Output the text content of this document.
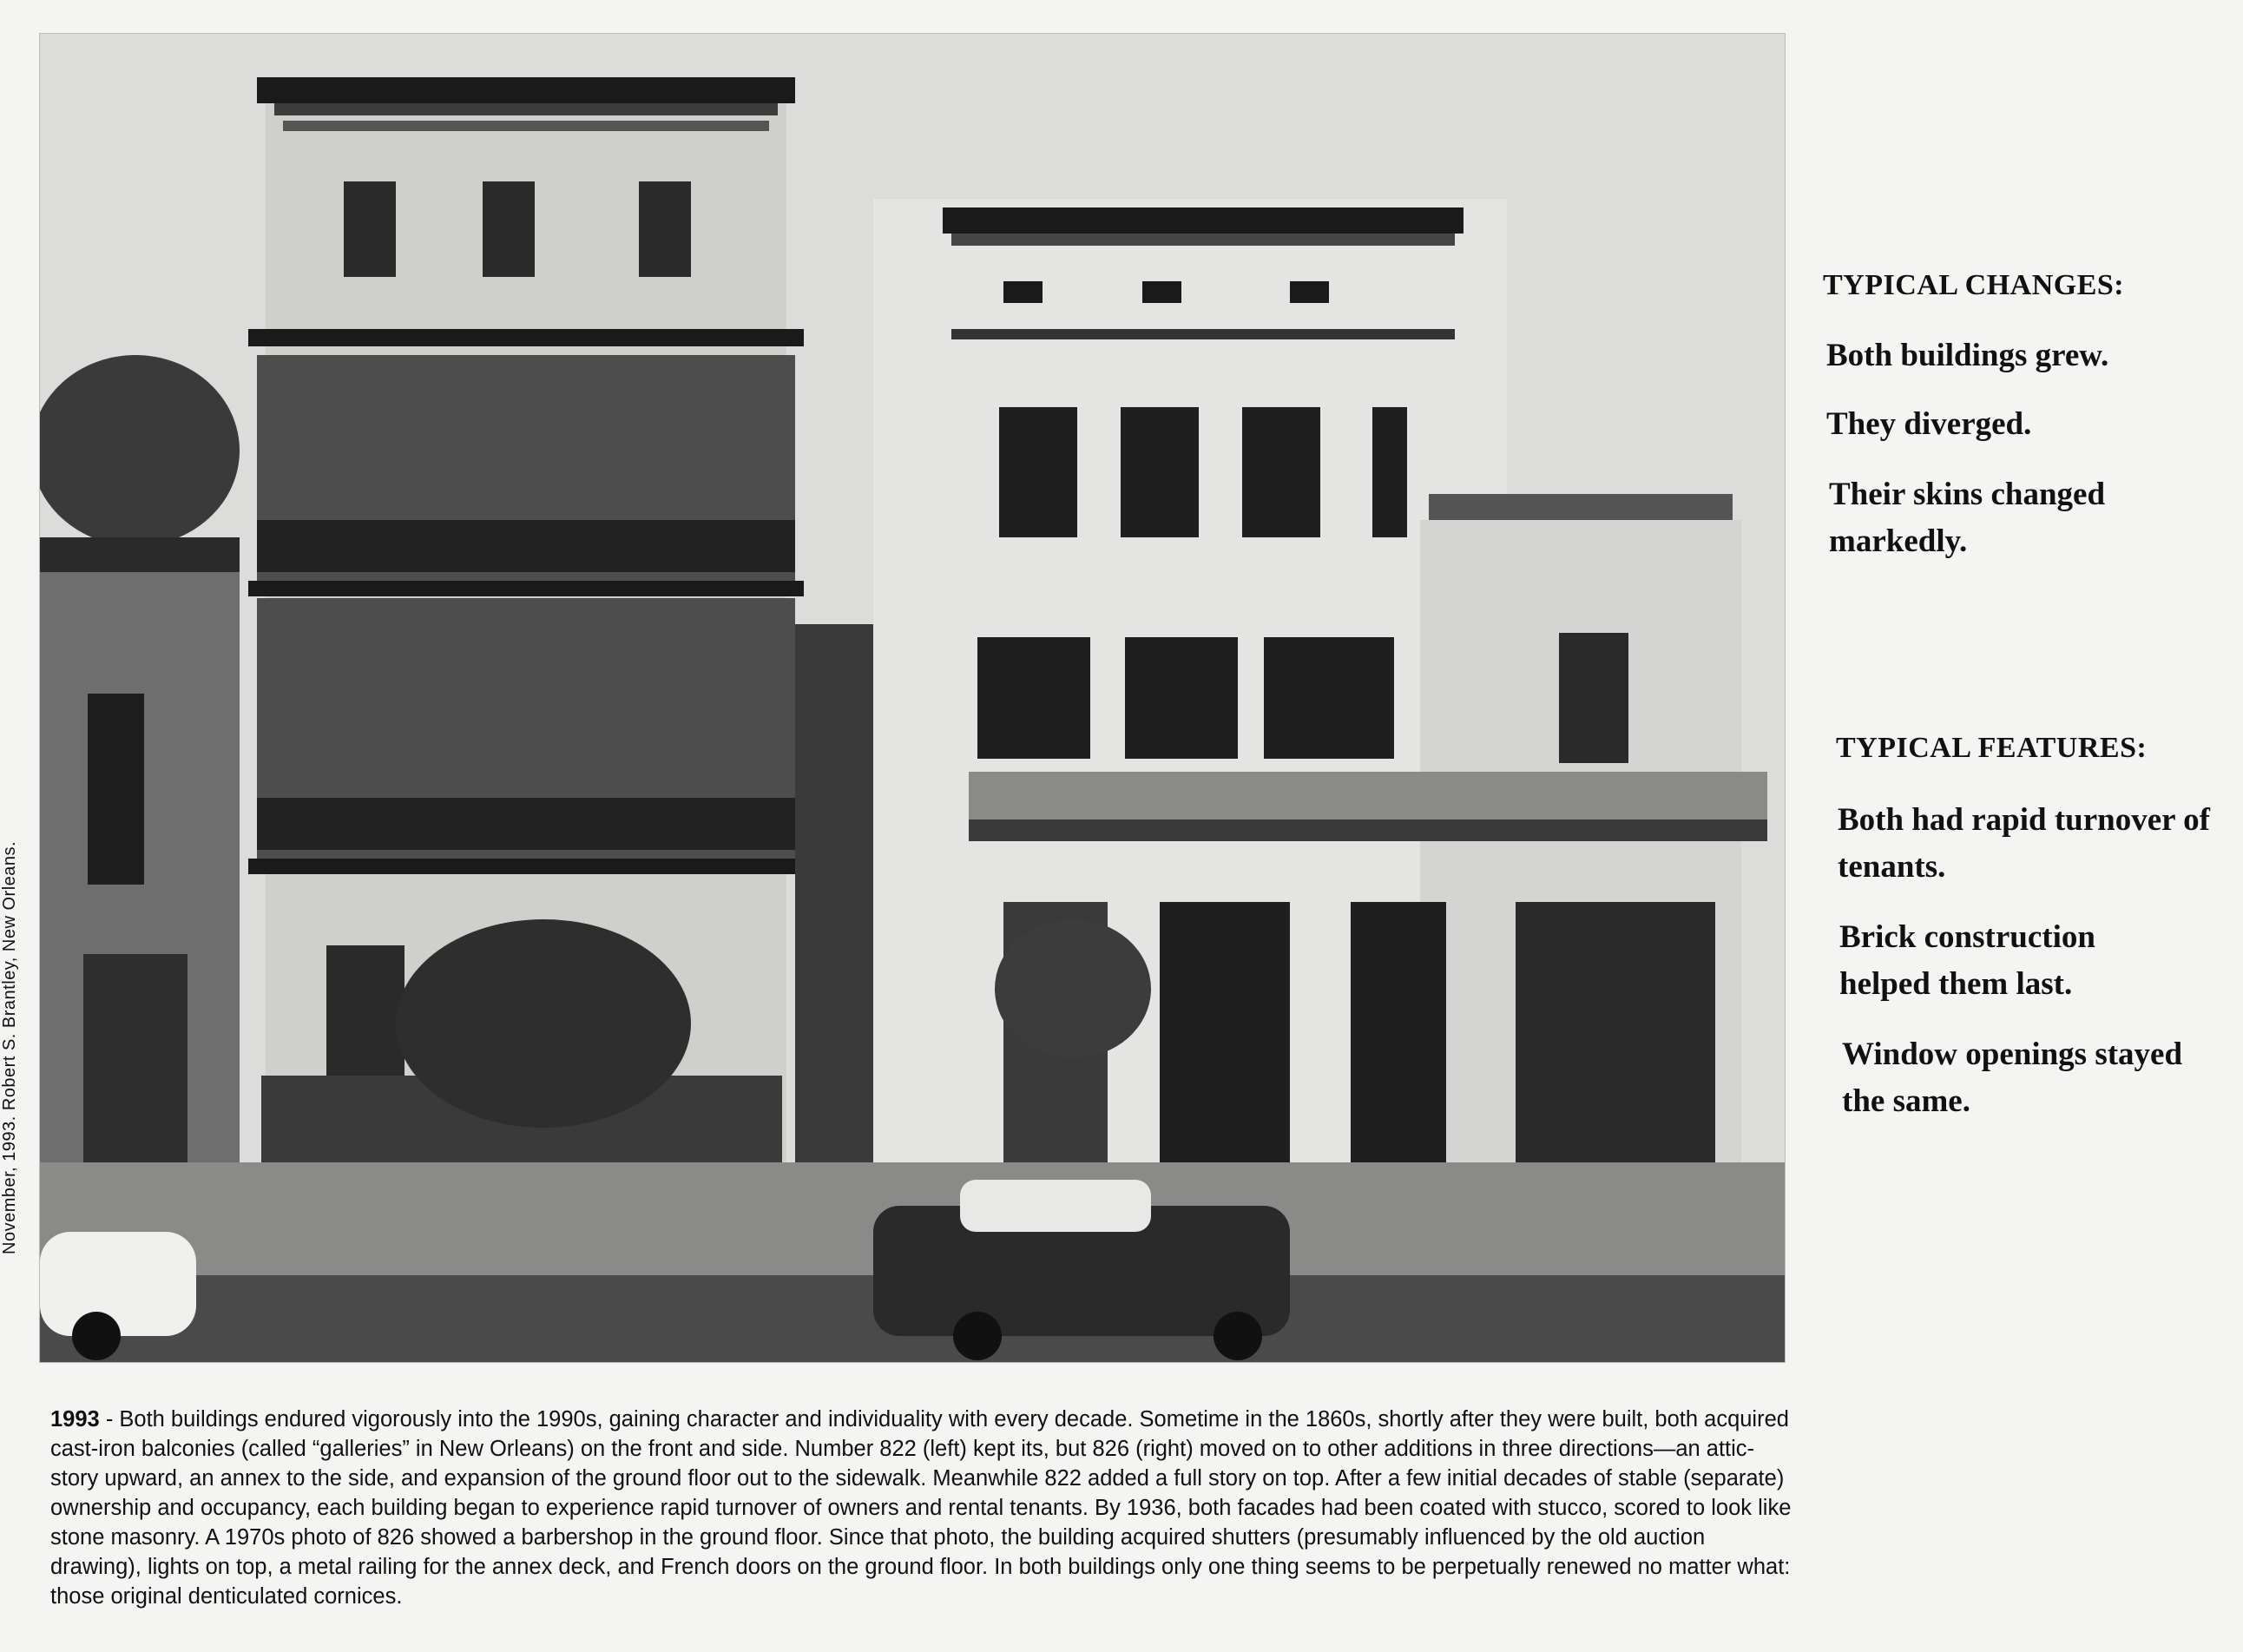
November, 1993. Robert S. Brantley, New Orleans.
TYPICAL CHANGES:
Both buildings grew.
They diverged.
Their skins changed markedly.
TYPICAL FEATURES:
Both had rapid turnover of tenants.
Brick construction helped them last.
Window openings stayed the same.
1993 - Both buildings endured vigorously into the 1990s, gaining character and individuality with every decade. Sometime in the 1860s, shortly after they were built, both acquired cast-iron balconies (called “galleries” in New Orleans) on the front and side. Number 822 (left) kept its, but 826 (right) moved on to other additions in three directions—an attic-story upward, an annex to the side, and expansion of the ground floor out to the sidewalk. Meanwhile 822 added a full story on top. After a few initial decades of stable (separate) ownership and occupancy, each building began to experience rapid turnover of owners and rental tenants. By 1936, both facades had been coated with stucco, scored to look like stone masonry. A 1970s photo of 826 showed a barbershop in the ground floor. Since that photo, the building acquired shutters (presumably influenced by the old auction drawing), lights on top, a metal railing for the annex deck, and French doors on the ground floor. In both buildings only one thing seems to be perpetually renewed no matter what: those original denticulated cornices.
